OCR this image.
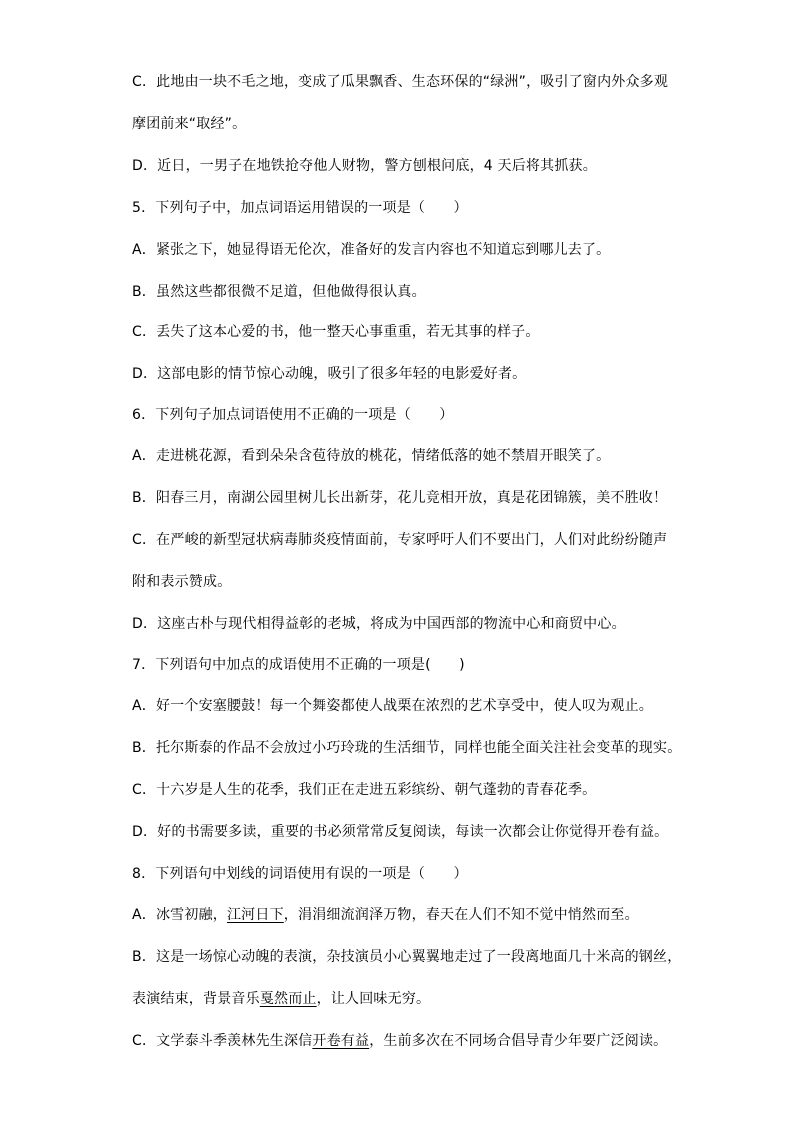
C．此地由一块不毛之地，变成了瓜果飘香、生态环保的“绿洲”，吸引了窗内外众多观
摩团前来“取经”。
D．近日，一男子在地铁抢夺他人财物，警方刨根问底，4 天后将其抓获。
5．下列句子中，加点词语运用错误的一项是（　　）
A．紧张之下，她显得语无伦次，准备好的发言内容也不知道忘到哪儿去了。
B．虽然这些都很微不足道，但他做得很认真。
C．丢失了这本心爱的书，他一整天心事重重，若无其事的样子。
D．这部电影的情节惊心动魄，吸引了很多年轻的电影爱好者。
6．下列句子加点词语使用不正确的一项是（　　）
A．走进桃花源，看到朵朵含苞待放的桃花，情绪低落的她不禁眉开眼笑了。
B．阳春三月，南湖公园里树儿长出新芽，花儿竞相开放，真是花团锦簇，美不胜收！
C．在严峻的新型冠状病毒肺炎疫情面前，专家呼吁人们不要出门，人们对此纷纷随声
附和表示赞成。
D．这座古朴与现代相得益彰的老城，将成为中国西部的物流中心和商贸中心。
7．下列语句中加点的成语使用不正确的一项是(　　)
A．好一个安塞腰鼓！每一个舞姿都使人战栗在浓烈的艺术享受中，使人叹为观止。
B．托尔斯泰的作品不会放过小巧玲珑的生活细节，同样也能全面关注社会变革的现实。
C．十六岁是人生的花季，我们正在走进五彩缤纷、朝气蓬勃的青春花季。
D．好的书需要多读，重要的书必须常常反复阅读，每读一次都会让你觉得开卷有益。
8．下列语句中划线的词语使用有误的一项是（　　）
A．冰雪初融，江河日下，涓涓细流润泽万物，春天在人们不知不觉中悄然而至。
B．这是一场惊心动魄的表演，杂技演员小心翼翼地走过了一段离地面几十米高的钢丝，
表演结束，背景音乐戛然而止，让人回味无穷。
C．文学泰斗季羡林先生深信开卷有益，生前多次在不同场合倡导青少年要广泛阅读。
